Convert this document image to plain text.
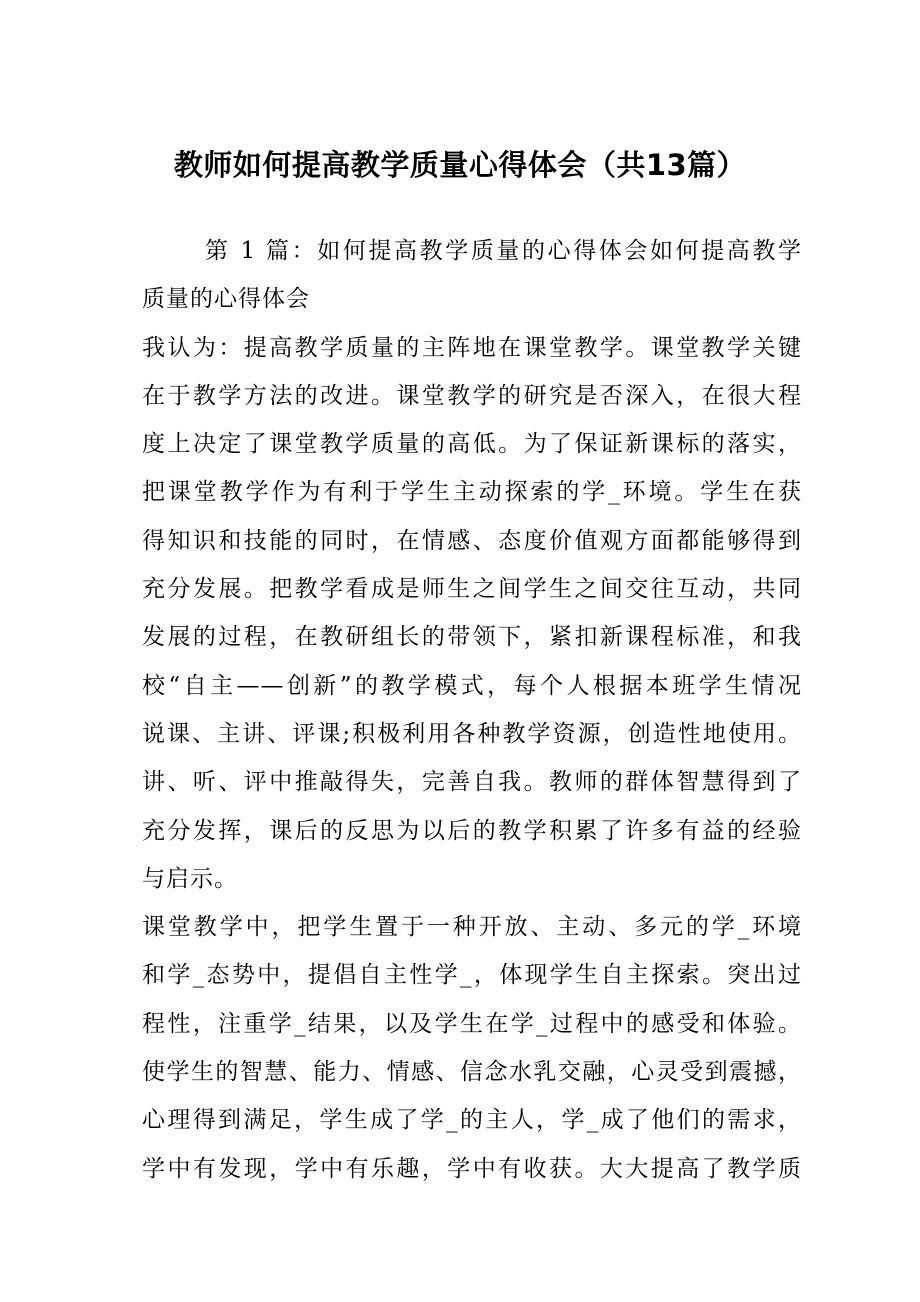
教师如何提高教学质量心得体会（共13篇）
第 1 篇：如何提高教学质量的心得体会如何提高教学
质量的心得体会
我认为：提高教学质量的主阵地在课堂教学。课堂教学关键
在于教学方法的改进。课堂教学的研究是否深入，在很大程
度上决定了课堂教学质量的高低。为了保证新课标的落实，
把课堂教学作为有利于学生主动探索的学_环境。学生在获
得知识和技能的同时，在情感、态度价值观方面都能够得到
充分发展。把教学看成是师生之间学生之间交往互动，共同
发展的过程，在教研组长的带领下，紧扣新课程标准，和我
校“自主——创新”的教学模式，每个人根据本班学生情况
说课、主讲、评课;积极利用各种教学资源，创造性地使用。
讲、听、评中推敲得失，完善自我。教师的群体智慧得到了
充分发挥，课后的反思为以后的教学积累了许多有益的经验
与启示。
课堂教学中，把学生置于一种开放、主动、多元的学_环境
和学_态势中，提倡自主性学_，体现学生自主探索。突出过
程性，注重学_结果，以及学生在学_过程中的感受和体验。
使学生的智慧、能力、情感、信念水乳交融，心灵受到震撼，
心理得到满足，学生成了学_的主人，学_成了他们的需求，
学中有发现，学中有乐趣，学中有收获。大大提高了教学质
